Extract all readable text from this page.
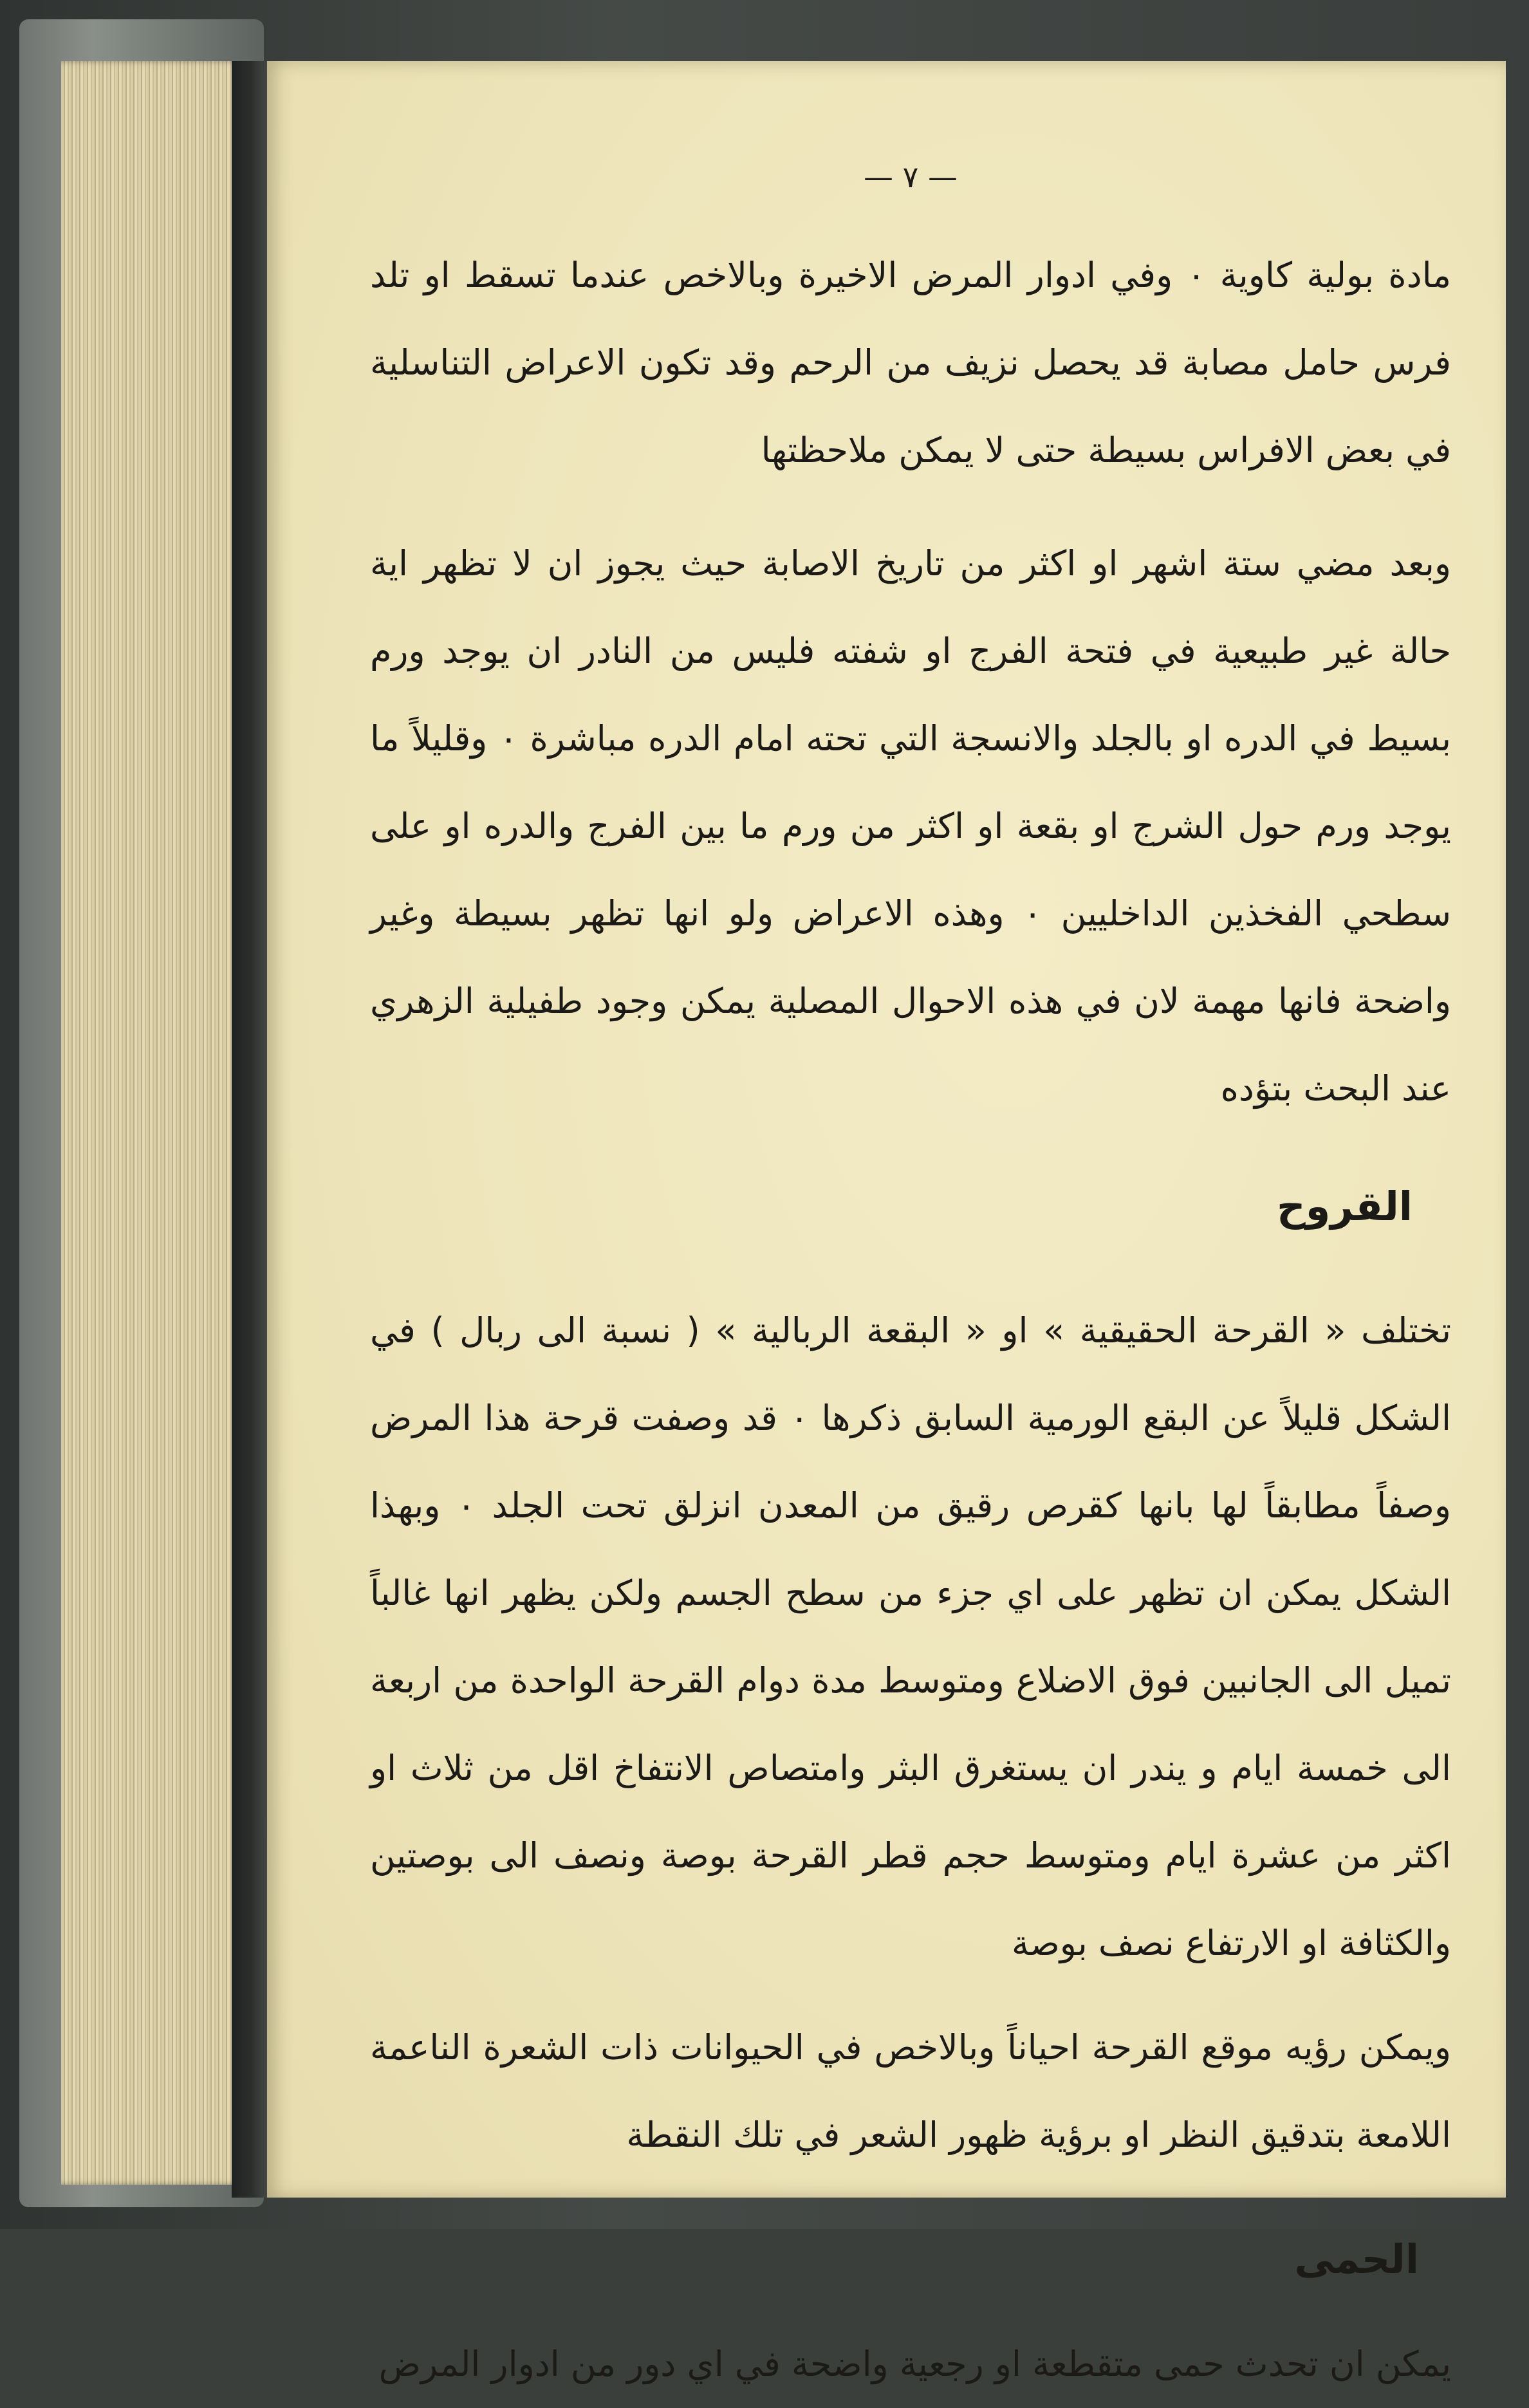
— ٧ —

مادة بولية كاوية ٠ وفي ادوار المرض الاخيرة وبالاخص عندما تسقط او تلد فرس حامل مصابة قد يحصل نزيف من الرحم وقد تكون الاعراض التناسلية في بعض الافراس بسيطة حتى لا يمكن ملاحظتها

وبعد مضي ستة اشهر او اكثر من تاريخ الاصابة حيث يجوز ان لا تظهر اية حالة غير طبيعية في فتحة الفرج او شفته فليس من النادر ان يوجد ورم بسيط في الدره او بالجلد والانسجة التي تحته امام الدره مباشرة ٠ وقليلاً ما يوجد ورم حول الشرج او بقعة او اكثر من ورم ما بين الفرج والدره او على سطحي الفخذين الداخليين ٠ وهذه الاعراض ولو انها تظهر بسيطة وغير واضحة فانها مهمة لان في هذه الاحوال المصلية يمكن وجود طفيلية الزهري عند البحث بتؤده

القروح

تختلف « القرحة الحقيقية » او « البقعة الربالية » ( نسبة الى ربال ) في الشكل قليلاً عن البقع الورمية السابق ذكرها ٠ قد وصفت قرحة هذا المرض وصفاً مطابقاً لها بانها كقرص رقيق من المعدن انزلق تحت الجلد ٠ وبهذا الشكل يمكن ان تظهر على اي جزء من سطح الجسم ولكن يظهر انها غالباً تميل الى الجانبين فوق الاضلاع ومتوسط مدة دوام القرحة الواحدة من اربعة الى خمسة ايام و يندر ان يستغرق البثر وامتصاص الانتفاخ اقل من ثلاث او اكثر من عشرة ايام ومتوسط حجم قطر القرحة بوصة ونصف الى بوصتين والكثافة او الارتفاع نصف بوصة

ويمكن رؤيه موقع القرحة احياناً وبالاخص في الحيوانات ذات الشعرة الناعمة اللامعة بتدقيق النظر او برؤية ظهور الشعر في تلك النقطة

الحمى

يمكن ان تحدث حمى متقطعة او رجعية واضحة في اي دور من ادوار المرض
